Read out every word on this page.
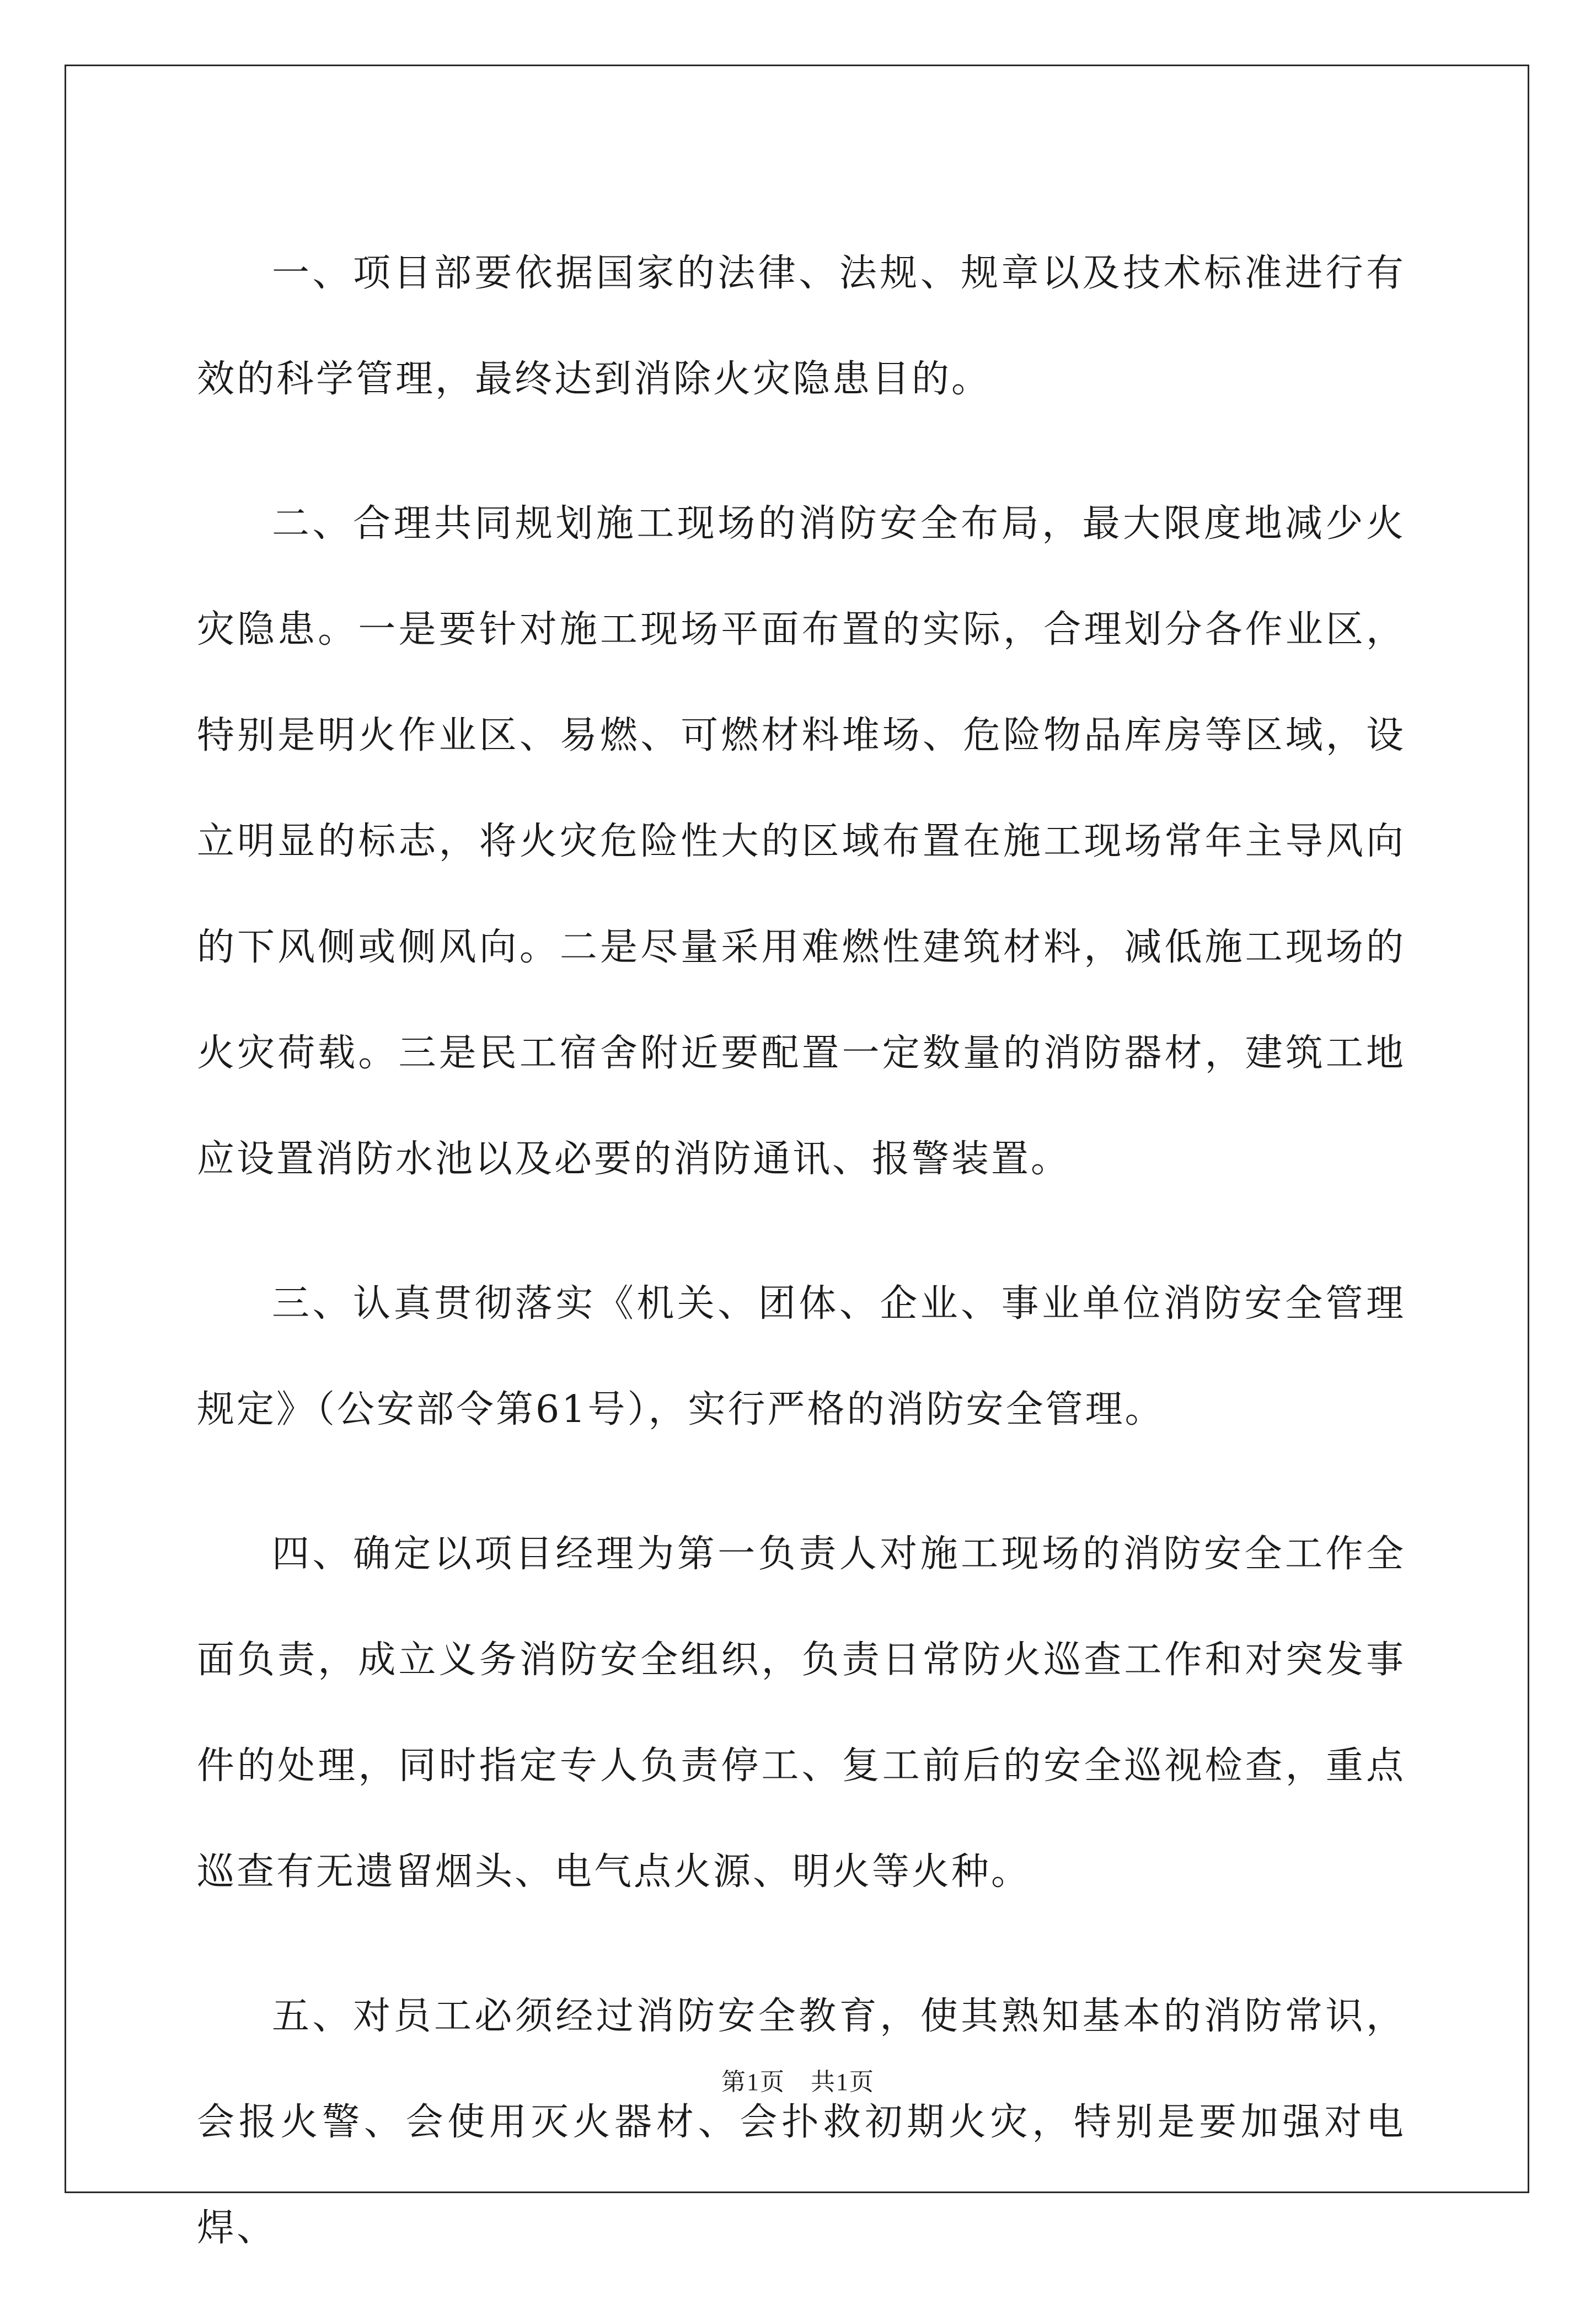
一、项目部要依据国家的法律、法规、规章以及技术标准进行有效的科学管理，最终达到消除火灾隐患目的。

二、合理共同规划施工现场的消防安全布局，最大限度地减少火灾隐患。一是要针对施工现场平面布置的实际，合理划分各作业区，特别是明火作业区、易燃、可燃材料堆场、危险物品库房等区域，设立明显的标志，将火灾危险性大的区域布置在施工现场常年主导风向的下风侧或侧风向。二是尽量采用难燃性建筑材料，减低施工现场的火灾荷载。三是民工宿舍附近要配置一定数量的消防器材，建筑工地应设置消防水池以及必要的消防通讯、报警装置。

三、认真贯彻落实《机关、团体、企业、事业单位消防安全管理规定》（公安部令第61号），实行严格的消防安全管理。

四、确定以项目经理为第一负责人对施工现场的消防安全工作全面负责，成立义务消防安全组织，负责日常防火巡查工作和对突发事件的处理，同时指定专人负责停工、复工前后的安全巡视检查，重点巡查有无遗留烟头、电气点火源、明火等火种。

五、对员工必须经过消防安全教育，使其熟知基本的消防常识，会报火警、会使用灭火器材、会扑救初期火灾，特别是要加强对电焊、

第1页　共1页
